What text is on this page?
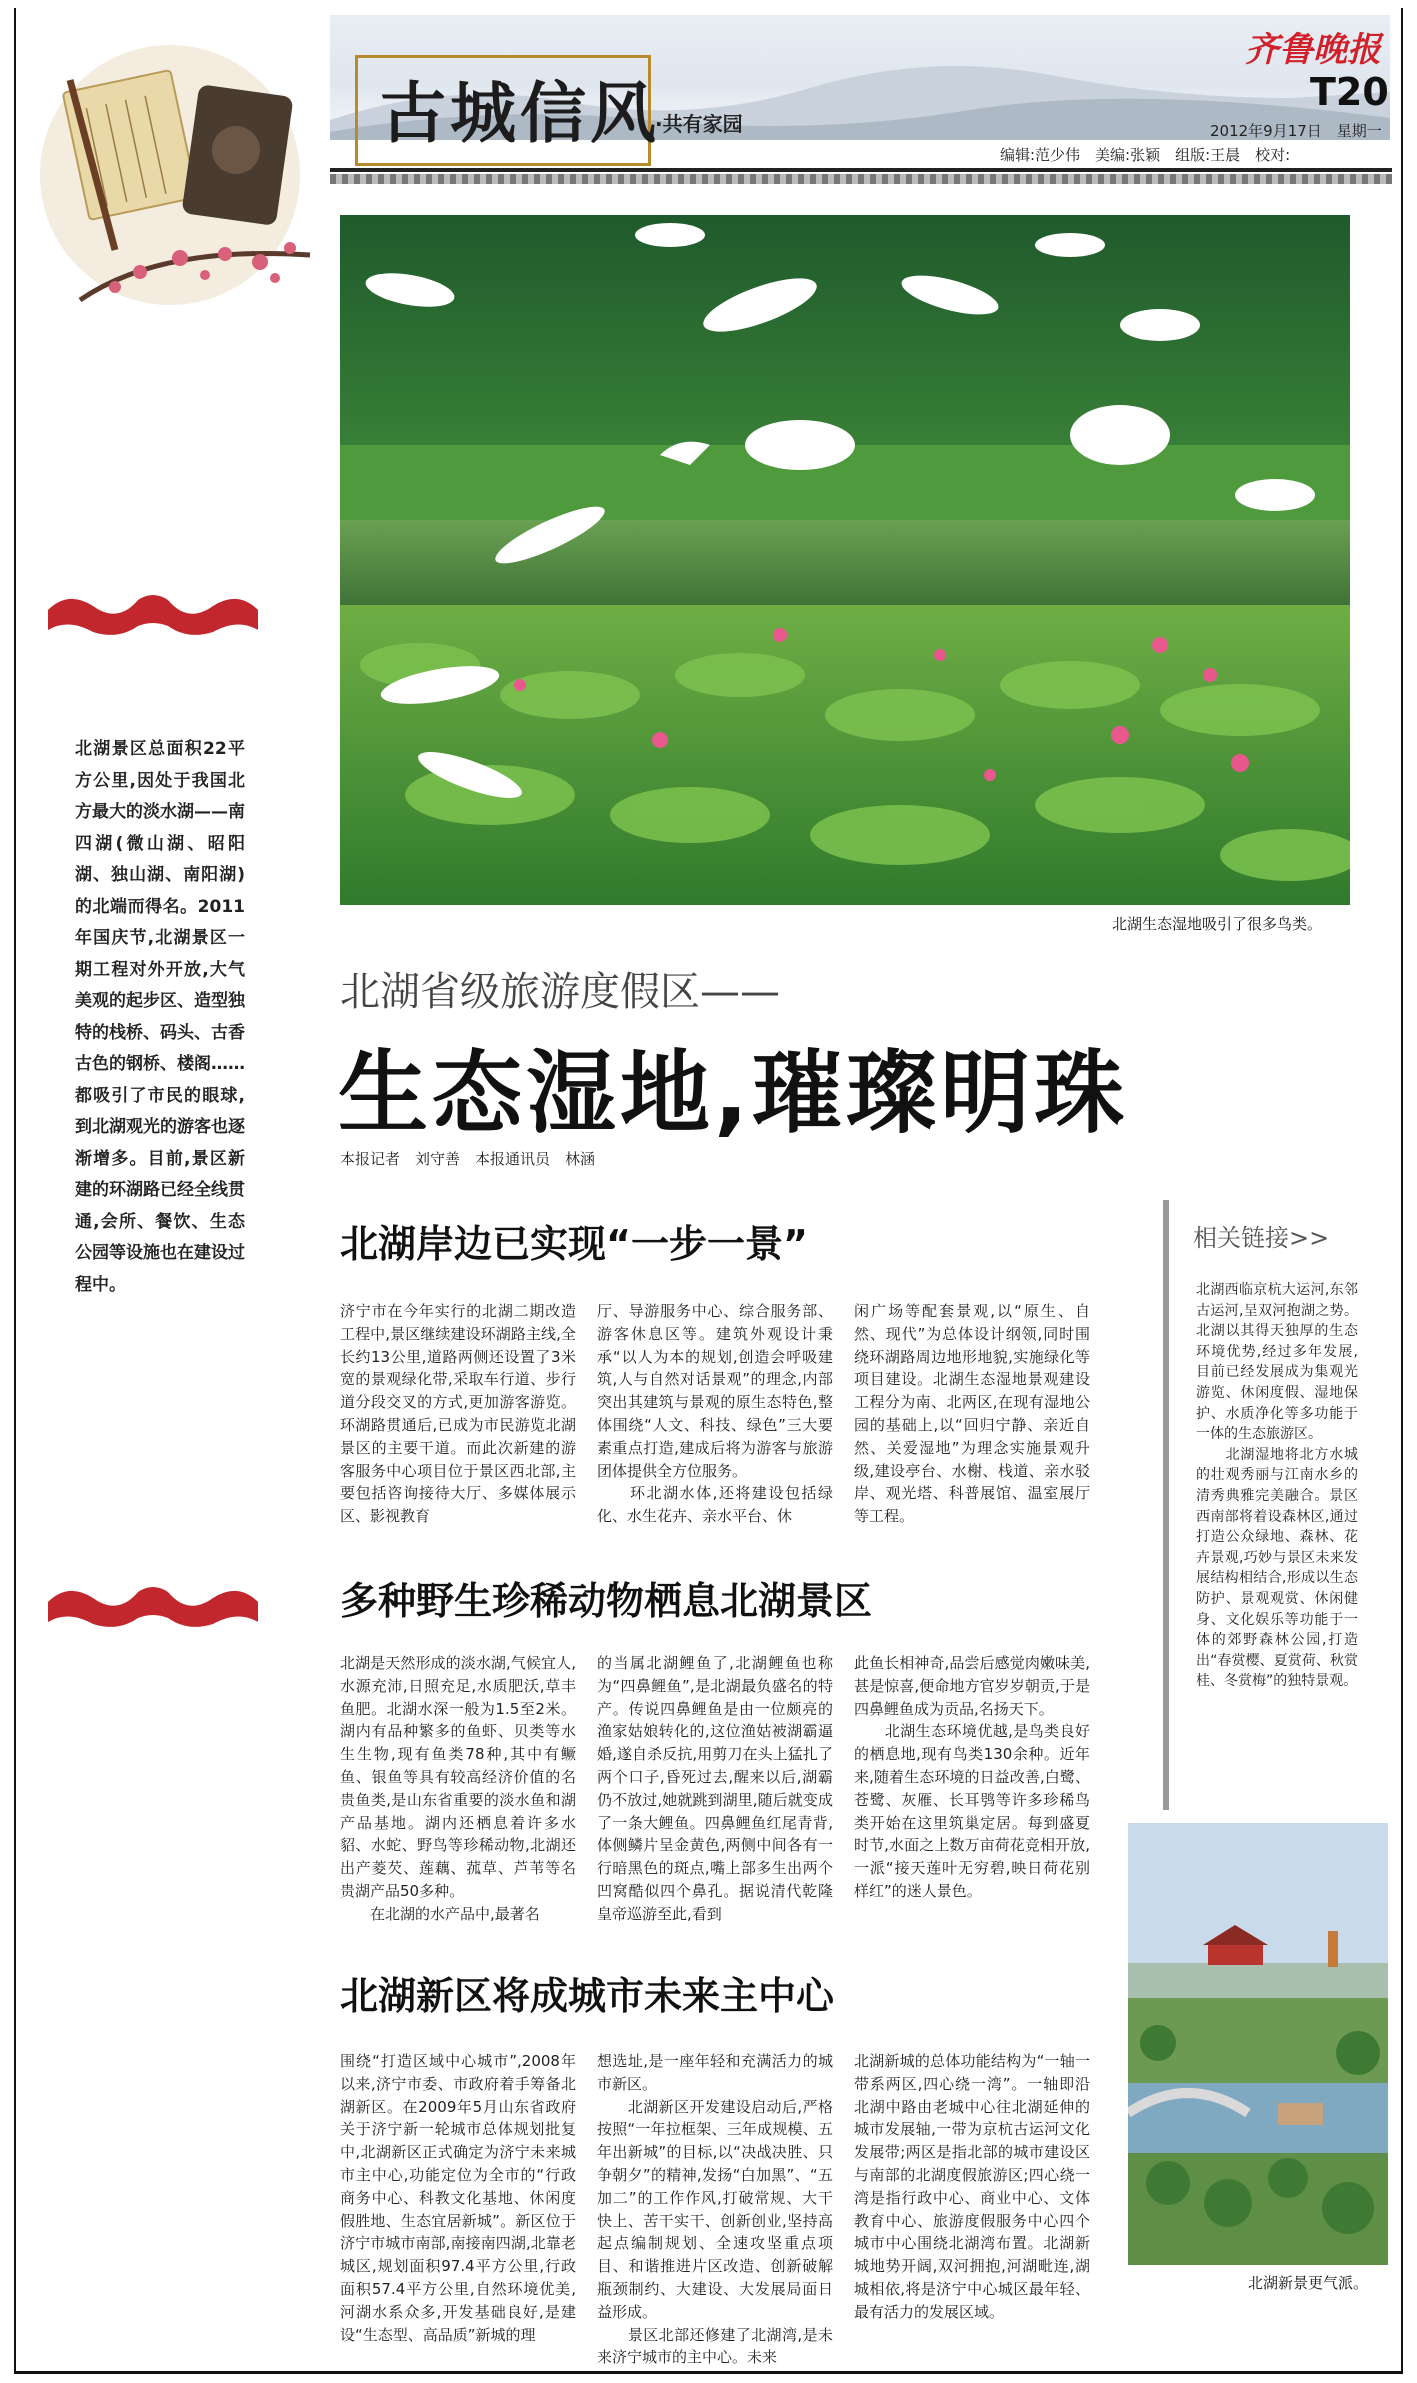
古城信风
·共有家园
齐鲁晚报
T20
2012年9月17日　星期一
编辑:范少伟　美编:张颖　组版:王晨　校对:
北湖生态湿地吸引了很多鸟类。
北湖景区总面积22平方公里,因处于我国北方最大的淡水湖——南四湖(微山湖、昭阳湖、独山湖、南阳湖)的北端而得名。2011年国庆节,北湖景区一期工程对外开放,大气美观的起步区、造型独特的栈桥、码头、古香古色的钢桥、楼阁……都吸引了市民的眼球,到北湖观光的游客也逐渐增多。目前,景区新建的环湖路已经全线贯通,会所、餐饮、生态公园等设施也在建设过程中。
北湖省级旅游度假区——
生态湿地,璀璨明珠
本报记者　刘守善　本报通讯员　林涵
北湖岸边已实现“一步一景”
济宁市在今年实行的北湖二期改造工程中,景区继续建设环湖路主线,全长约13公里,道路两侧还设置了3米宽的景观绿化带,采取车行道、步行道分段交叉的方式,更加游客游览。环湖路贯通后,已成为市民游览北湖景区的主要干道。而此次新建的游客服务中心项目位于景区西北部,主要包括咨询接待大厅、多媒体展示区、影视教育
厅、导游服务中心、综合服务部、游客休息区等。建筑外观设计秉承“以人为本的规划,创造会呼吸建筑,人与自然对话景观”的理念,内部突出其建筑与景观的原生态特色,整体围绕“人文、科技、绿色”三大要素重点打造,建成后将为游客与旅游团体提供全方位服务。
　　环北湖水体,还将建设包括绿化、水生花卉、亲水平台、休
闲广场等配套景观,以“原生、自然、现代”为总体设计纲领,同时围绕环湖路周边地形地貌,实施绿化等项目建设。北湖生态湿地景观建设工程分为南、北两区,在现有湿地公园的基础上,以“回归宁静、亲近自然、关爱湿地”为理念实施景观升级,建设亭台、水榭、栈道、亲水驳岸、观光塔、科普展馆、温室展厅等工程。
多种野生珍稀动物栖息北湖景区
北湖是天然形成的淡水湖,气候宜人,水源充沛,日照充足,水质肥沃,草丰鱼肥。北湖水深一般为1.5至2米。湖内有品种繁多的鱼虾、贝类等水生生物,现有鱼类78种,其中有鳜鱼、银鱼等具有较高经济价值的名贵鱼类,是山东省重要的淡水鱼和湖产品基地。湖内还栖息着许多水貂、水蛇、野鸟等珍稀动物,北湖还出产菱芡、莲藕、菰草、芦苇等名贵湖产品50多种。
　　在北湖的水产品中,最著名
的当属北湖鲤鱼了,北湖鲤鱼也称为“四鼻鲤鱼”,是北湖最负盛名的特产。传说四鼻鲤鱼是由一位颇亮的渔家姑娘转化的,这位渔姑被湖霸逼婚,遂自杀反抗,用剪刀在头上猛扎了两个口子,昏死过去,醒来以后,湖霸仍不放过,她就跳到湖里,随后就变成了一条大鲤鱼。四鼻鲤鱼红尾青背,体侧鳞片呈金黄色,两侧中间各有一行暗黑色的斑点,嘴上部多生出两个凹窝酷似四个鼻孔。据说清代乾隆皇帝巡游至此,看到
此鱼长相神奇,品尝后感觉肉嫩味美,甚是惊喜,便命地方官岁岁朝贡,于是四鼻鲤鱼成为贡品,名扬天下。
　　北湖生态环境优越,是鸟类良好的栖息地,现有鸟类130余种。近年来,随着生态环境的日益改善,白鹭、苍鹭、灰雁、长耳鸮等许多珍稀鸟类开始在这里筑巢定居。每到盛夏时节,水面之上数万亩荷花竞相开放,一派“接天莲叶无穷碧,映日荷花别样红”的迷人景色。
北湖新区将成城市未来主中心
围绕“打造区域中心城市”,2008年以来,济宁市委、市政府着手筹备北湖新区。在2009年5月山东省政府关于济宁新一轮城市总体规划批复中,北湖新区正式确定为济宁未来城市主中心,功能定位为全市的“行政商务中心、科教文化基地、休闲度假胜地、生态宜居新城”。新区位于济宁市城市南部,南接南四湖,北靠老城区,规划面积97.4平方公里,行政面积57.4平方公里,自然环境优美,河湖水系众多,开发基础良好,是建设“生态型、高品质”新城的理
想选址,是一座年轻和充满活力的城市新区。
　　北湖新区开发建设启动后,严格按照“一年拉框架、三年成规模、五年出新城”的目标,以“决战决胜、只争朝夕”的精神,发扬“白加黑”、“五加二”的工作作风,打破常规、大干快上、苦干实干、创新创业,坚持高起点编制规划、全速攻坚重点项目、和谐推进片区改造、创新破解瓶颈制约、大建设、大发展局面日益形成。
　　景区北部还修建了北湖湾,是未来济宁城市的主中心。未来
北湖新城的总体功能结构为“一轴一带系两区,四心绕一湾”。一轴即沿北湖中路由老城中心往北湖延伸的城市发展轴,一带为京杭古运河文化发展带;两区是指北部的城市建设区与南部的北湖度假旅游区;四心绕一湾是指行政中心、商业中心、文体教育中心、旅游度假服务中心四个城市中心围绕北湖湾布置。北湖新城地势开阔,双河拥抱,河湖毗连,湖城相依,将是济宁中心城区最年轻、最有活力的发展区域。
相关链接>>
北湖西临京杭大运河,东邻古运河,呈双河抱湖之势。北湖以其得天独厚的生态环境优势,经过多年发展,目前已经发展成为集观光游览、休闲度假、湿地保护、水质净化等多功能于一体的生态旅游区。
　　北湖湿地将北方水城的壮观秀丽与江南水乡的清秀典雅完美融合。景区西南部将着设森林区,通过打造公众绿地、森林、花卉景观,巧妙与景区未来发展结构相结合,形成以生态防护、景观观赏、休闲健身、文化娱乐等功能于一体的郊野森林公园,打造出“春赏樱、夏赏荷、秋赏桂、冬赏梅”的独特景观。
北湖新景更气派。
